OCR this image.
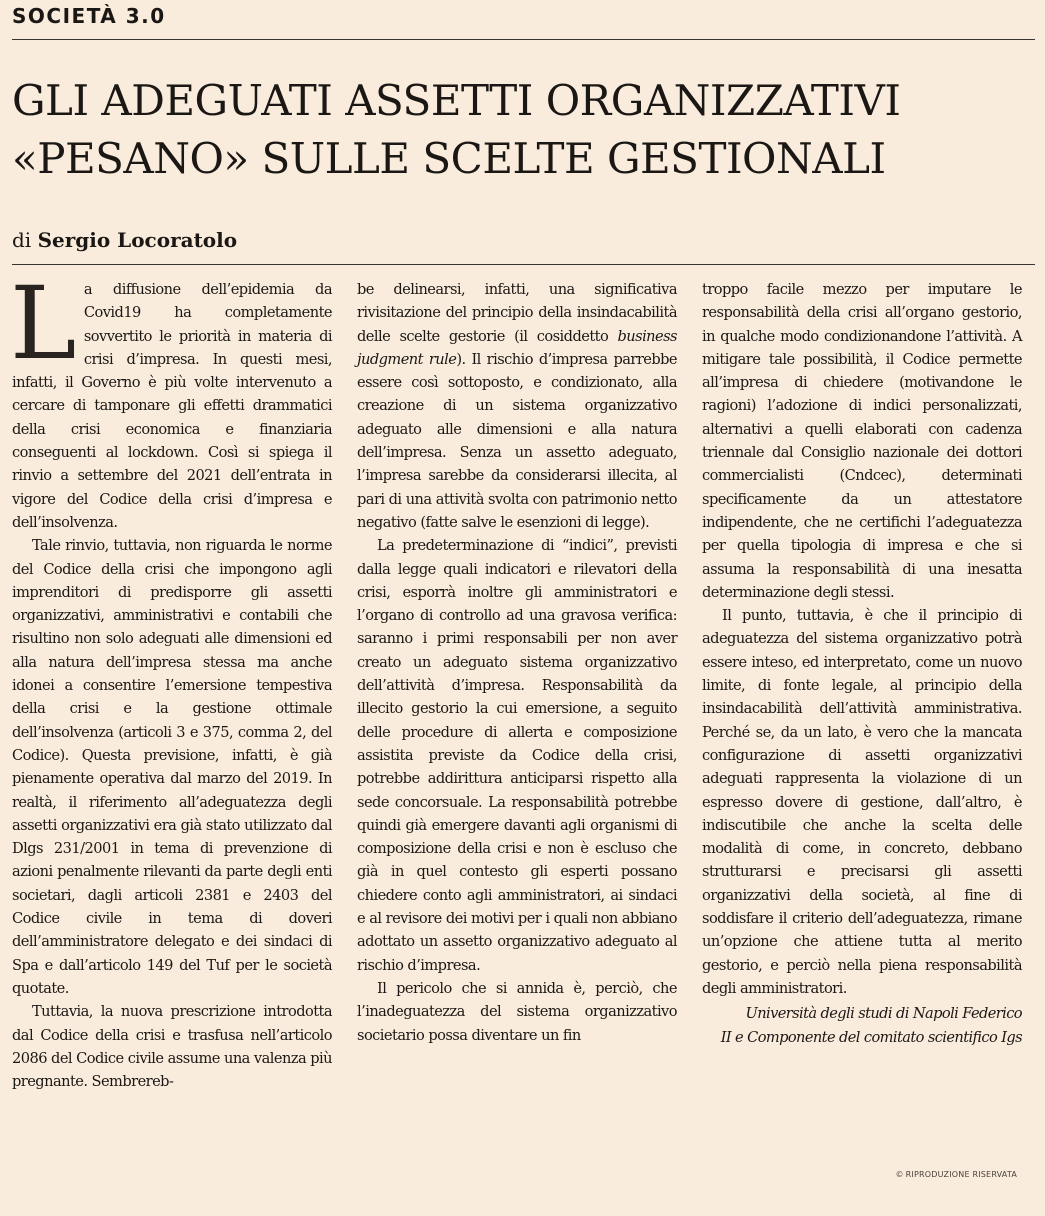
SOCIETÀ 3.0
GLI ADEGUATI ASSETTI ORGANIZZATIVI
«PESANO» SULLE SCELTE GESTIONALI

di Sergio Locoratolo

La diffusione dell’epidemia da Covid19 ha completamente sovvertito le priorità in materia di crisi d’impresa. In questi mesi, infatti, il Governo è più volte intervenuto a cercare di tamponare gli effetti drammatici della crisi economica e finanziaria conseguenti al lockdown. Così si spiega il rinvio a settembre del 2021 dell’entrata in vigore del Codice della crisi d’impresa e dell’insolvenza.

Tale rinvio, tuttavia, non riguarda le norme del Codice della crisi che impongono agli imprenditori di predisporre gli assetti organizzativi, amministrativi e contabili che risultino non solo adeguati alle dimensioni ed alla natura dell’impresa stessa ma anche idonei a consentire l’emersione tempestiva della crisi e la gestione ottimale dell’insolvenza (articoli 3 e 375, comma 2, del Codice). Questa previsione, infatti, è già pienamente operativa dal marzo del 2019. In realtà, il riferimento all’adeguatezza degli assetti organizzativi era già stato utilizzato dal Dlgs 231/2001 in tema di prevenzione di azioni penalmente rilevanti da parte degli enti societari, dagli articoli 2381 e 2403 del Codice civile in tema di doveri dell’amministratore delegato e dei sindaci di Spa e dall’articolo 149 del Tuf per le società quotate.

Tuttavia, la nuova prescrizione introdotta dal Codice della crisi e trasfusa nell’articolo 2086 del Codice civile assume una valenza più pregnante. Sembrereb-

be delinearsi, infatti, una significativa rivisitazione del principio della insindacabilità delle scelte gestorie (il cosiddetto business judgment rule). Il rischio d’impresa parrebbe essere così sottoposto, e condizionato, alla creazione di un sistema organizzativo adeguato alle dimensioni e alla natura dell’impresa. Senza un assetto adeguato, l’impresa sarebbe da considerarsi illecita, al pari di una attività svolta con patrimonio netto negativo (fatte salve le esenzioni di legge).

La predeterminazione di “indici”, previsti dalla legge quali indicatori e rilevatori della crisi, esporrà inoltre gli amministratori e l’organo di controllo ad una gravosa verifica: saranno i primi responsabili per non aver creato un adeguato sistema organizzativo dell’attività d’impresa. Responsabilità da illecito gestorio la cui emersione, a seguito delle procedure di allerta e composizione assistita previste da Codice della crisi, potrebbe addirittura anticiparsi rispetto alla sede concorsuale. La responsabilità potrebbe quindi già emergere davanti agli organismi di composizione della crisi e non è escluso che già in quel contesto gli esperti possano chiedere conto agli amministratori, ai sindaci e al revisore dei motivi per i quali non abbiano adottato un assetto organizzativo adeguato al rischio d’impresa.

Il pericolo che si annida è, perciò, che l’inadeguatezza del sistema organizzativo societario possa diventare un fin

troppo facile mezzo per imputare le responsabilità della crisi all’organo gestorio, in qualche modo condizionandone l’attività. A mitigare tale possibilità, il Codice permette all’impresa di chiedere (motivandone le ragioni) l’adozione di indici personalizzati, alternativi a quelli elaborati con cadenza triennale dal Consiglio nazionale dei dottori commercialisti (Cndcec), determinati specificamente da un attestatore indipendente, che ne certifichi l’adeguatezza per quella tipologia di impresa e che si assuma la responsabilità di una inesatta determinazione degli stessi.

Il punto, tuttavia, è che il principio di adeguatezza del sistema organizzativo potrà essere inteso, ed interpretato, come un nuovo limite, di fonte legale, al principio della insindacabilità dell’attività amministrativa. Perché se, da un lato, è vero che la mancata configurazione di assetti organizzativi adeguati rappresenta la violazione di un espresso dovere di gestione, dall’altro, è indiscutibile che anche la scelta delle modalità di come, in concreto, debbano strutturarsi e precisarsi gli assetti organizzativi della società, al fine di soddisfare il criterio dell’adeguatezza, rimane un’opzione che attiene tutta al merito gestorio, e perciò nella piena responsabilità degli amministratori.

Università degli studi di Napoli Federico
II e Componente del comitato scientifico Igs
© RIPRODUZIONE RISERVATA
